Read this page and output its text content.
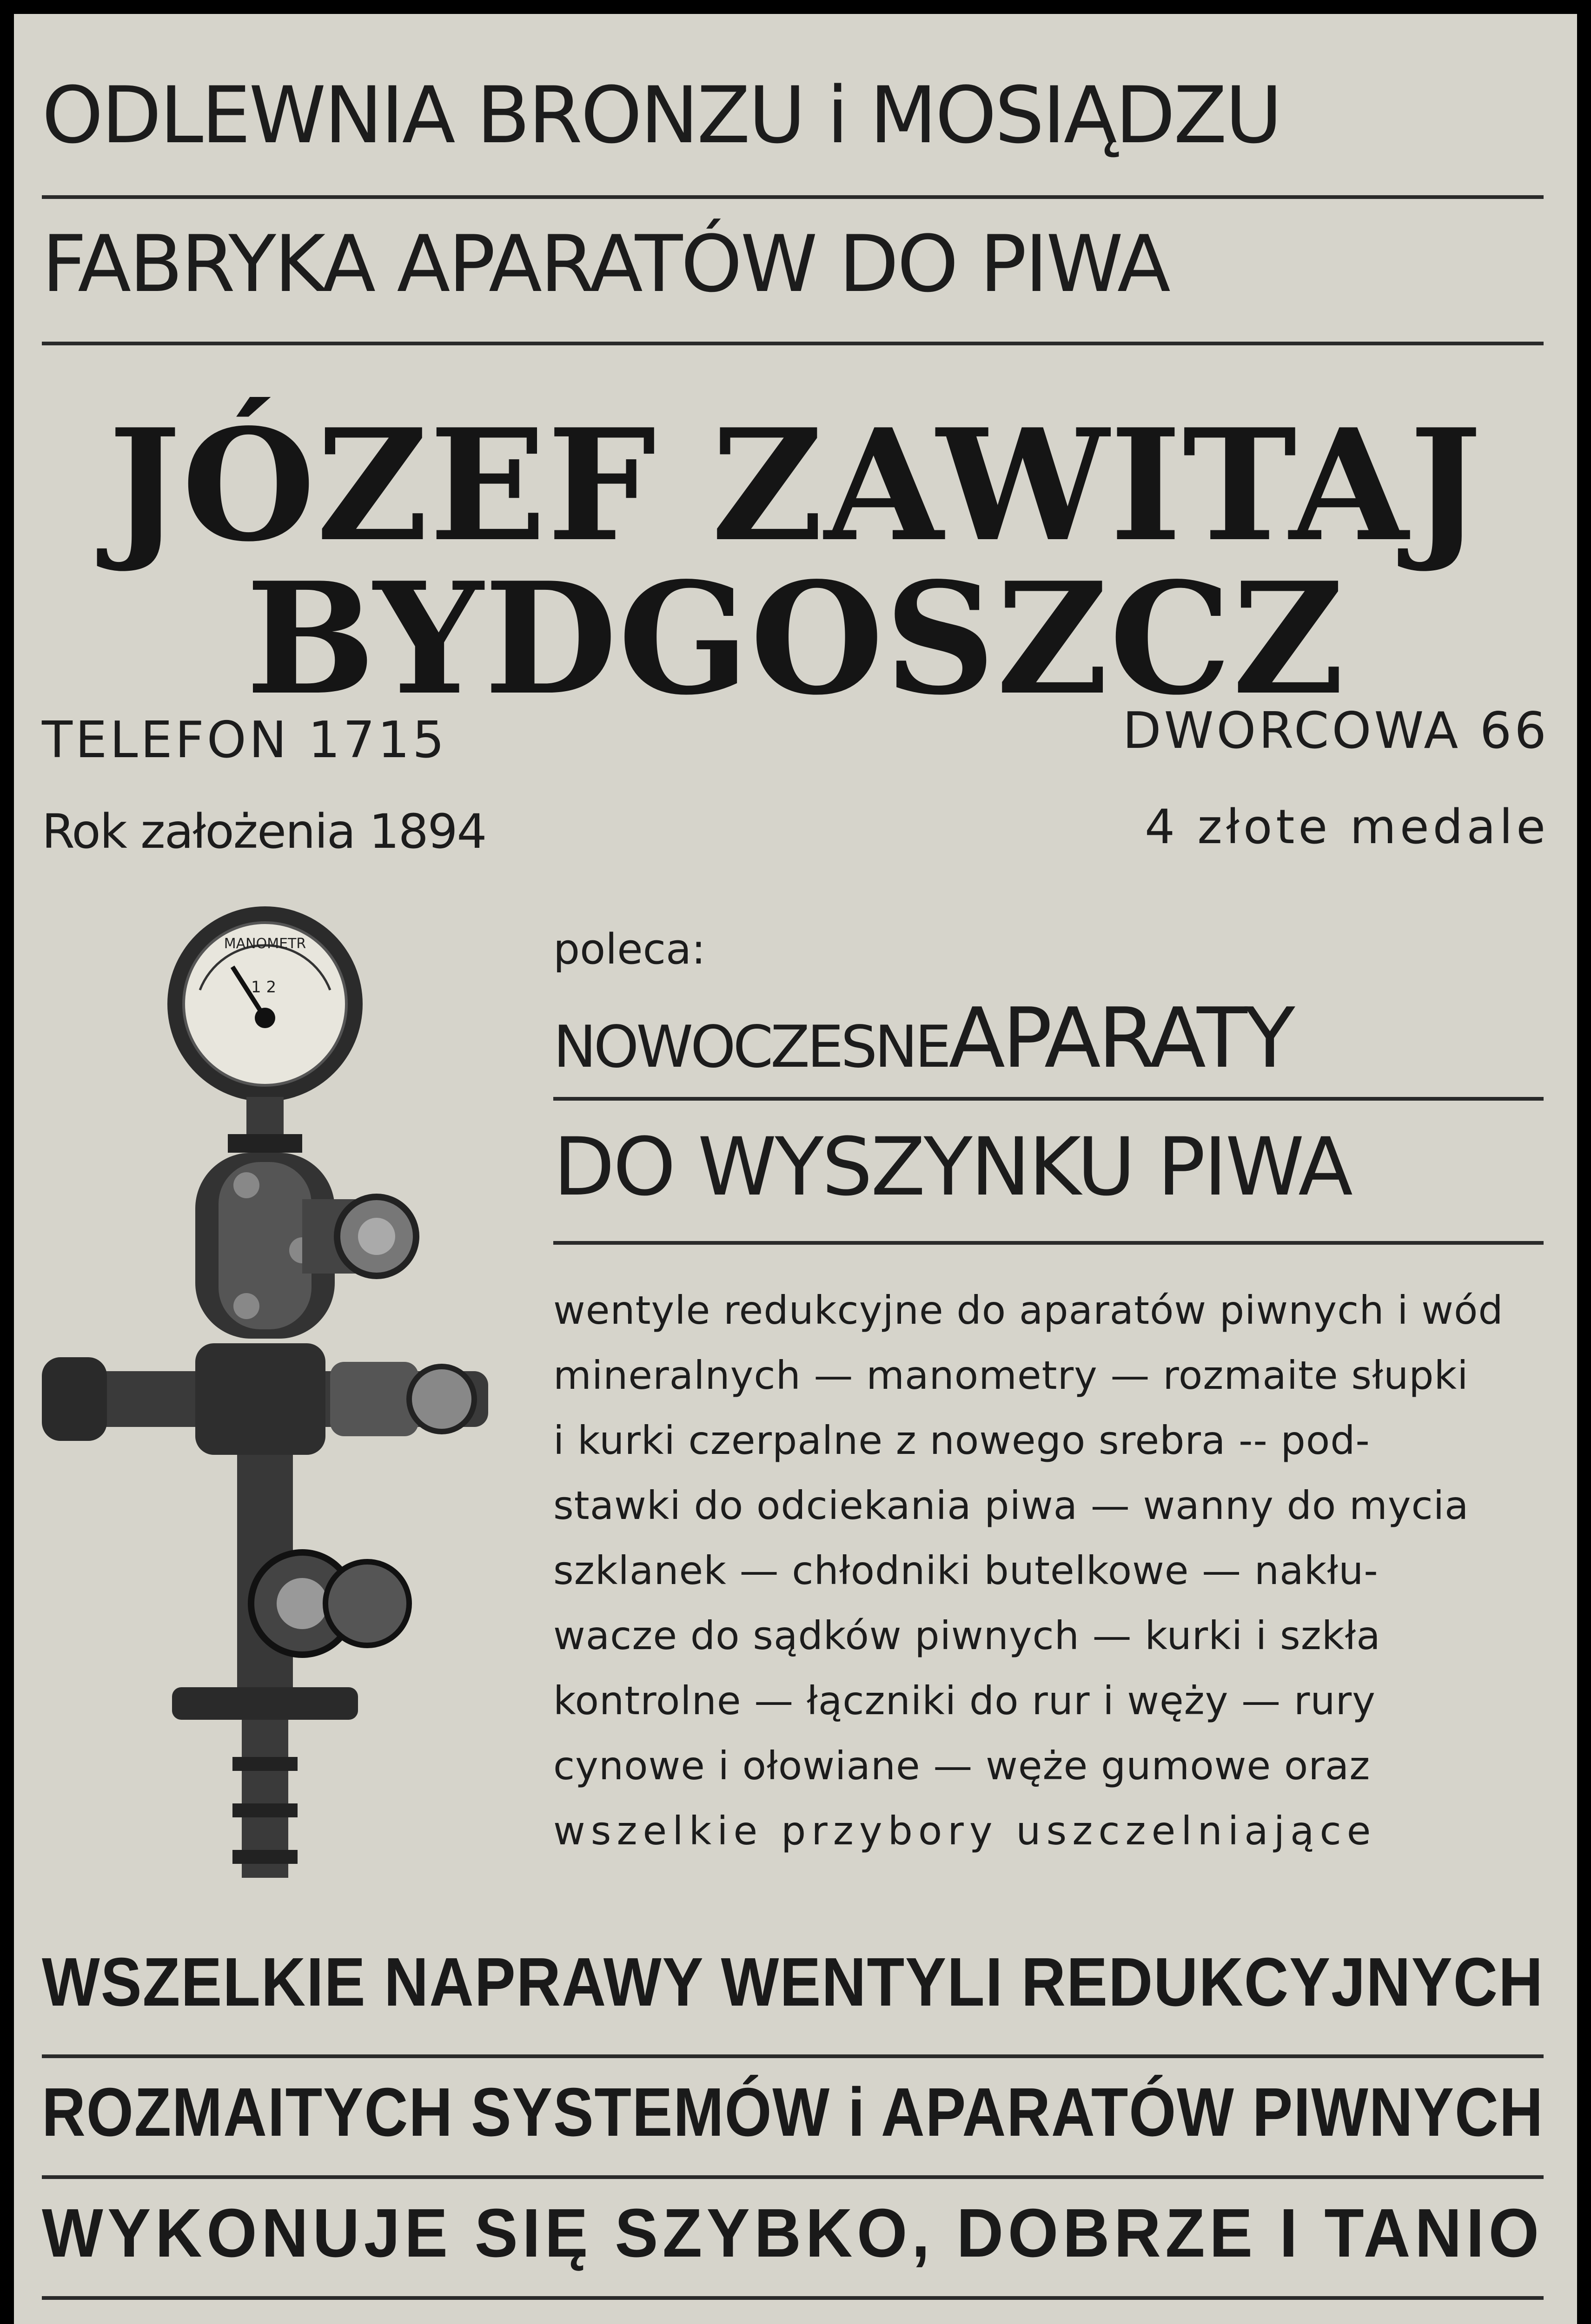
ODLEWNIA BRONZU i MOSIĄDZU
FABRYKA APARATÓW DO PIWA
JÓZEF ZAWITAJ
BYDGOSZCZ
TELEFON 1715	DWORCOWA 66
Rok założenia 1894	4 złote medale
MANOMETR
1 2
poleca:
NOWOCZESNEAPARATY
DO WYSZYNKU PIWA
wentyle redukcyjne do aparatów piwnych i wód
mineralnych — manometry — rozmaite słupki
i kurki czerpalne z nowego srebra -- pod-
stawki do odciekania piwa — wanny do mycia
szklanek — chłodniki butelkowe — nakłu-
wacze do sądków piwnych — kurki i szkła
kontrolne — łączniki do rur i węży — rury
cynowe i ołowiane — węże gumowe oraz
wszelkie przybory uszczelniające
WSZELKIE NAPRAWY WENTYLI REDUKCYJNYCH
ROZMAITYCH SYSTEMÓW i APARATÓW PIWNYCH
WYKONUJE SIĘ SZYBKO, DOBRZE I TANIO
